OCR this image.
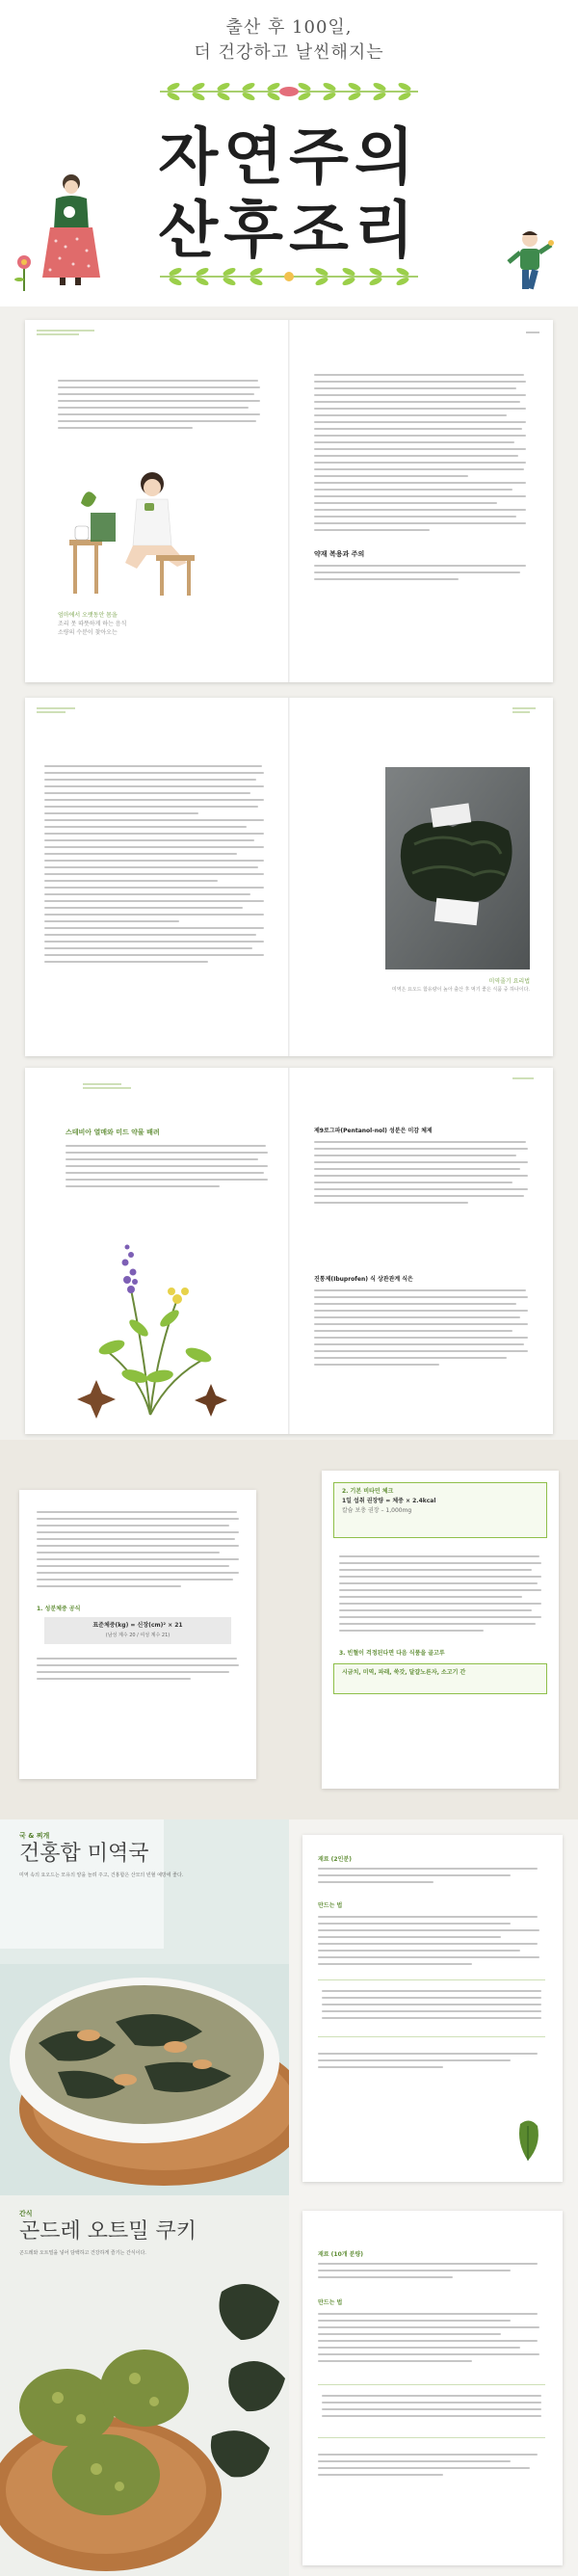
출산 후 100일,
더 건강하고 날씬해지는
자연주의
산후조리
엄마에서 오랫동안 몸을
조리 못 따뜻하게 하는 음식
소량의 수분이 찾아오는
약재 복용과 주의
미역줄기 요리법
미역은 요오드 함유량이 높아 출산 후 먹기 좋은 식품 중 하나이다.
스테비아 열매와 미드 약물 배려	제9로그파(Pentanol-nol) 성분은 미감 체제
진통제(Ibuprofen) 식 상관관계 식은
1. 성분체중 공식
표준체중(kg) = 신장(cm)² × 21
(남성 계수 20 / 여성 계수 21)
2. 기본 비타민 체크
1일 섭취 권장량 = 체중 × 2.4kcal
칼슘 보충 권장 – 1,000mg
3. 빈혈이 걱정된다면 다음 식품을 골고루
시금치, 미역, 파래, 쑥갓, 달걀노른자, 소고기 간
국 & 찌개
건홍합 미역국
미역 속의 요오드는 모유의 양을 늘려 주고, 건홍합은 산모의 빈혈 예방에 좋다.
재료 (2인분)
만드는 법
간식
곤드레 오트밀 쿠키
곤드레와 오트밀을 넣어 담백하고 건강하게 즐기는 간식이다.	재료 (10개 분량)
만드는 법
